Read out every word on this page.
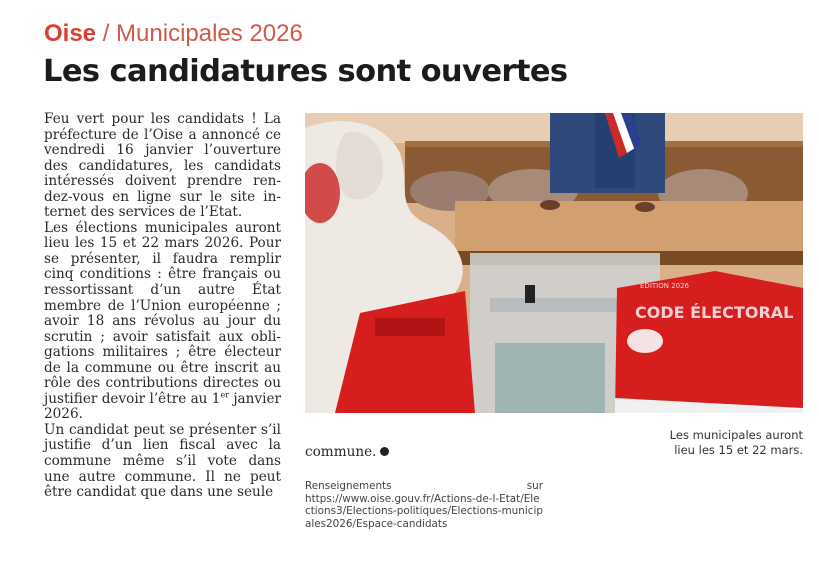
Oise / Municipales 2026
Les candidatures sont ouvertes

Feu vert pour les candidats ! La préfecture de l’Oise a annoncé ce vendredi 16 janvier l’ouverture des candidatures, les candidats intéressés doivent prendre ren-dez-vous en ligne sur le site in-ternet des services de l’Etat.

Les élections municipales auront lieu les 15 et 22 mars 2026. Pour se présenter, il faudra remplir cinq conditions : être français ou ressortissant d’un autre État membre de l’Union européenne ; avoir 18 ans révolus au jour du scrutin ; avoir satisfait aux obli-gations militaires ; être électeur de la commune ou être inscrit au rôle des contributions directes ou justifier devoir l’être au 1er janvier 2026.

Un candidat peut se présenter s’il justifie d’un lien fiscal avec la commune même s’il vote dans une autre commune. Il ne peut être candidat que dans une seule

CODE ÉLECTORAL
ÉDITION 2026
Les municipales auront
lieu les 15 et 22 mars.
commune.
Renseignements	sur
https://www.oise.gouv.fr/Actions-de-l-Etat/Elections3/Elections-politiques/Elections-municipales2026/Espace-candidats
